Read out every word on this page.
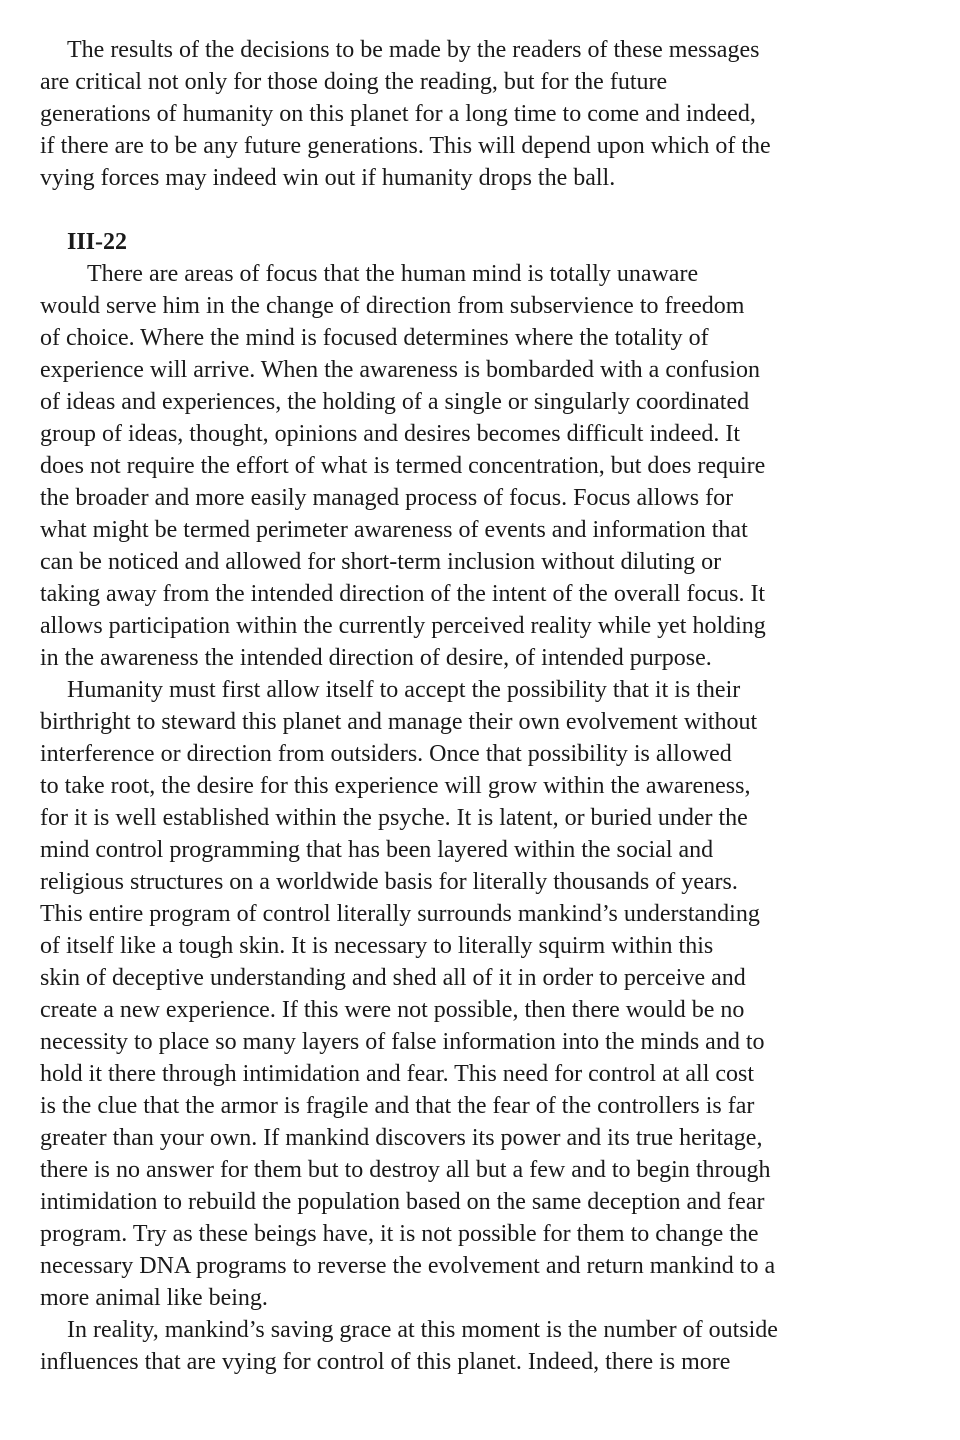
The results of the decisions to be made by the readers of these messages
are critical not only for those doing the reading, but for the future
generations of humanity on this planet for a long time to come and indeed,
if there are to be any future generations. This will depend upon which of the
vying forces may indeed win out if humanity drops the ball.
III-22
There are areas of focus that the human mind is totally unaware
would serve him in the change of direction from subservience to freedom
of choice. Where the mind is focused determines where the totality of
experience will arrive. When the awareness is bombarded with a confusion
of ideas and experiences, the holding of a single or singularly coordinated
group of ideas, thought, opinions and desires becomes difficult indeed. It
does not require the effort of what is termed concentration, but does require
the broader and more easily managed process of focus. Focus allows for
what might be termed perimeter awareness of events and information that
can be noticed and allowed for short-term inclusion without diluting or
taking away from the intended direction of the intent of the overall focus. It
allows participation within the currently perceived reality while yet holding
in the awareness the intended direction of desire, of intended purpose.
Humanity must first allow itself to accept the possibility that it is their
birthright to steward this planet and manage their own evolvement without
interference or direction from outsiders. Once that possibility is allowed
to take root, the desire for this experience will grow within the awareness,
for it is well established within the psyche. It is latent, or buried under the
mind control programming that has been layered within the social and
religious structures on a worldwide basis for literally thousands of years.
This entire program of control literally surrounds mankind’s understanding
of itself like a tough skin. It is necessary to literally squirm within this
skin of deceptive understanding and shed all of it in order to perceive and
create a new experience. If this were not possible, then there would be no
necessity to place so many layers of false information into the minds and to
hold it there through intimidation and fear. This need for control at all cost
is the clue that the armor is fragile and that the fear of the controllers is far
greater than your own. If mankind discovers its power and its true heritage,
there is no answer for them but to destroy all but a few and to begin through
intimidation to rebuild the population based on the same deception and fear
program. Try as these beings have, it is not possible for them to change the
necessary DNA programs to reverse the evolvement and return mankind to a
more animal like being.
In reality, mankind’s saving grace at this moment is the number of outside
influences that are vying for control of this planet. Indeed, there is more
